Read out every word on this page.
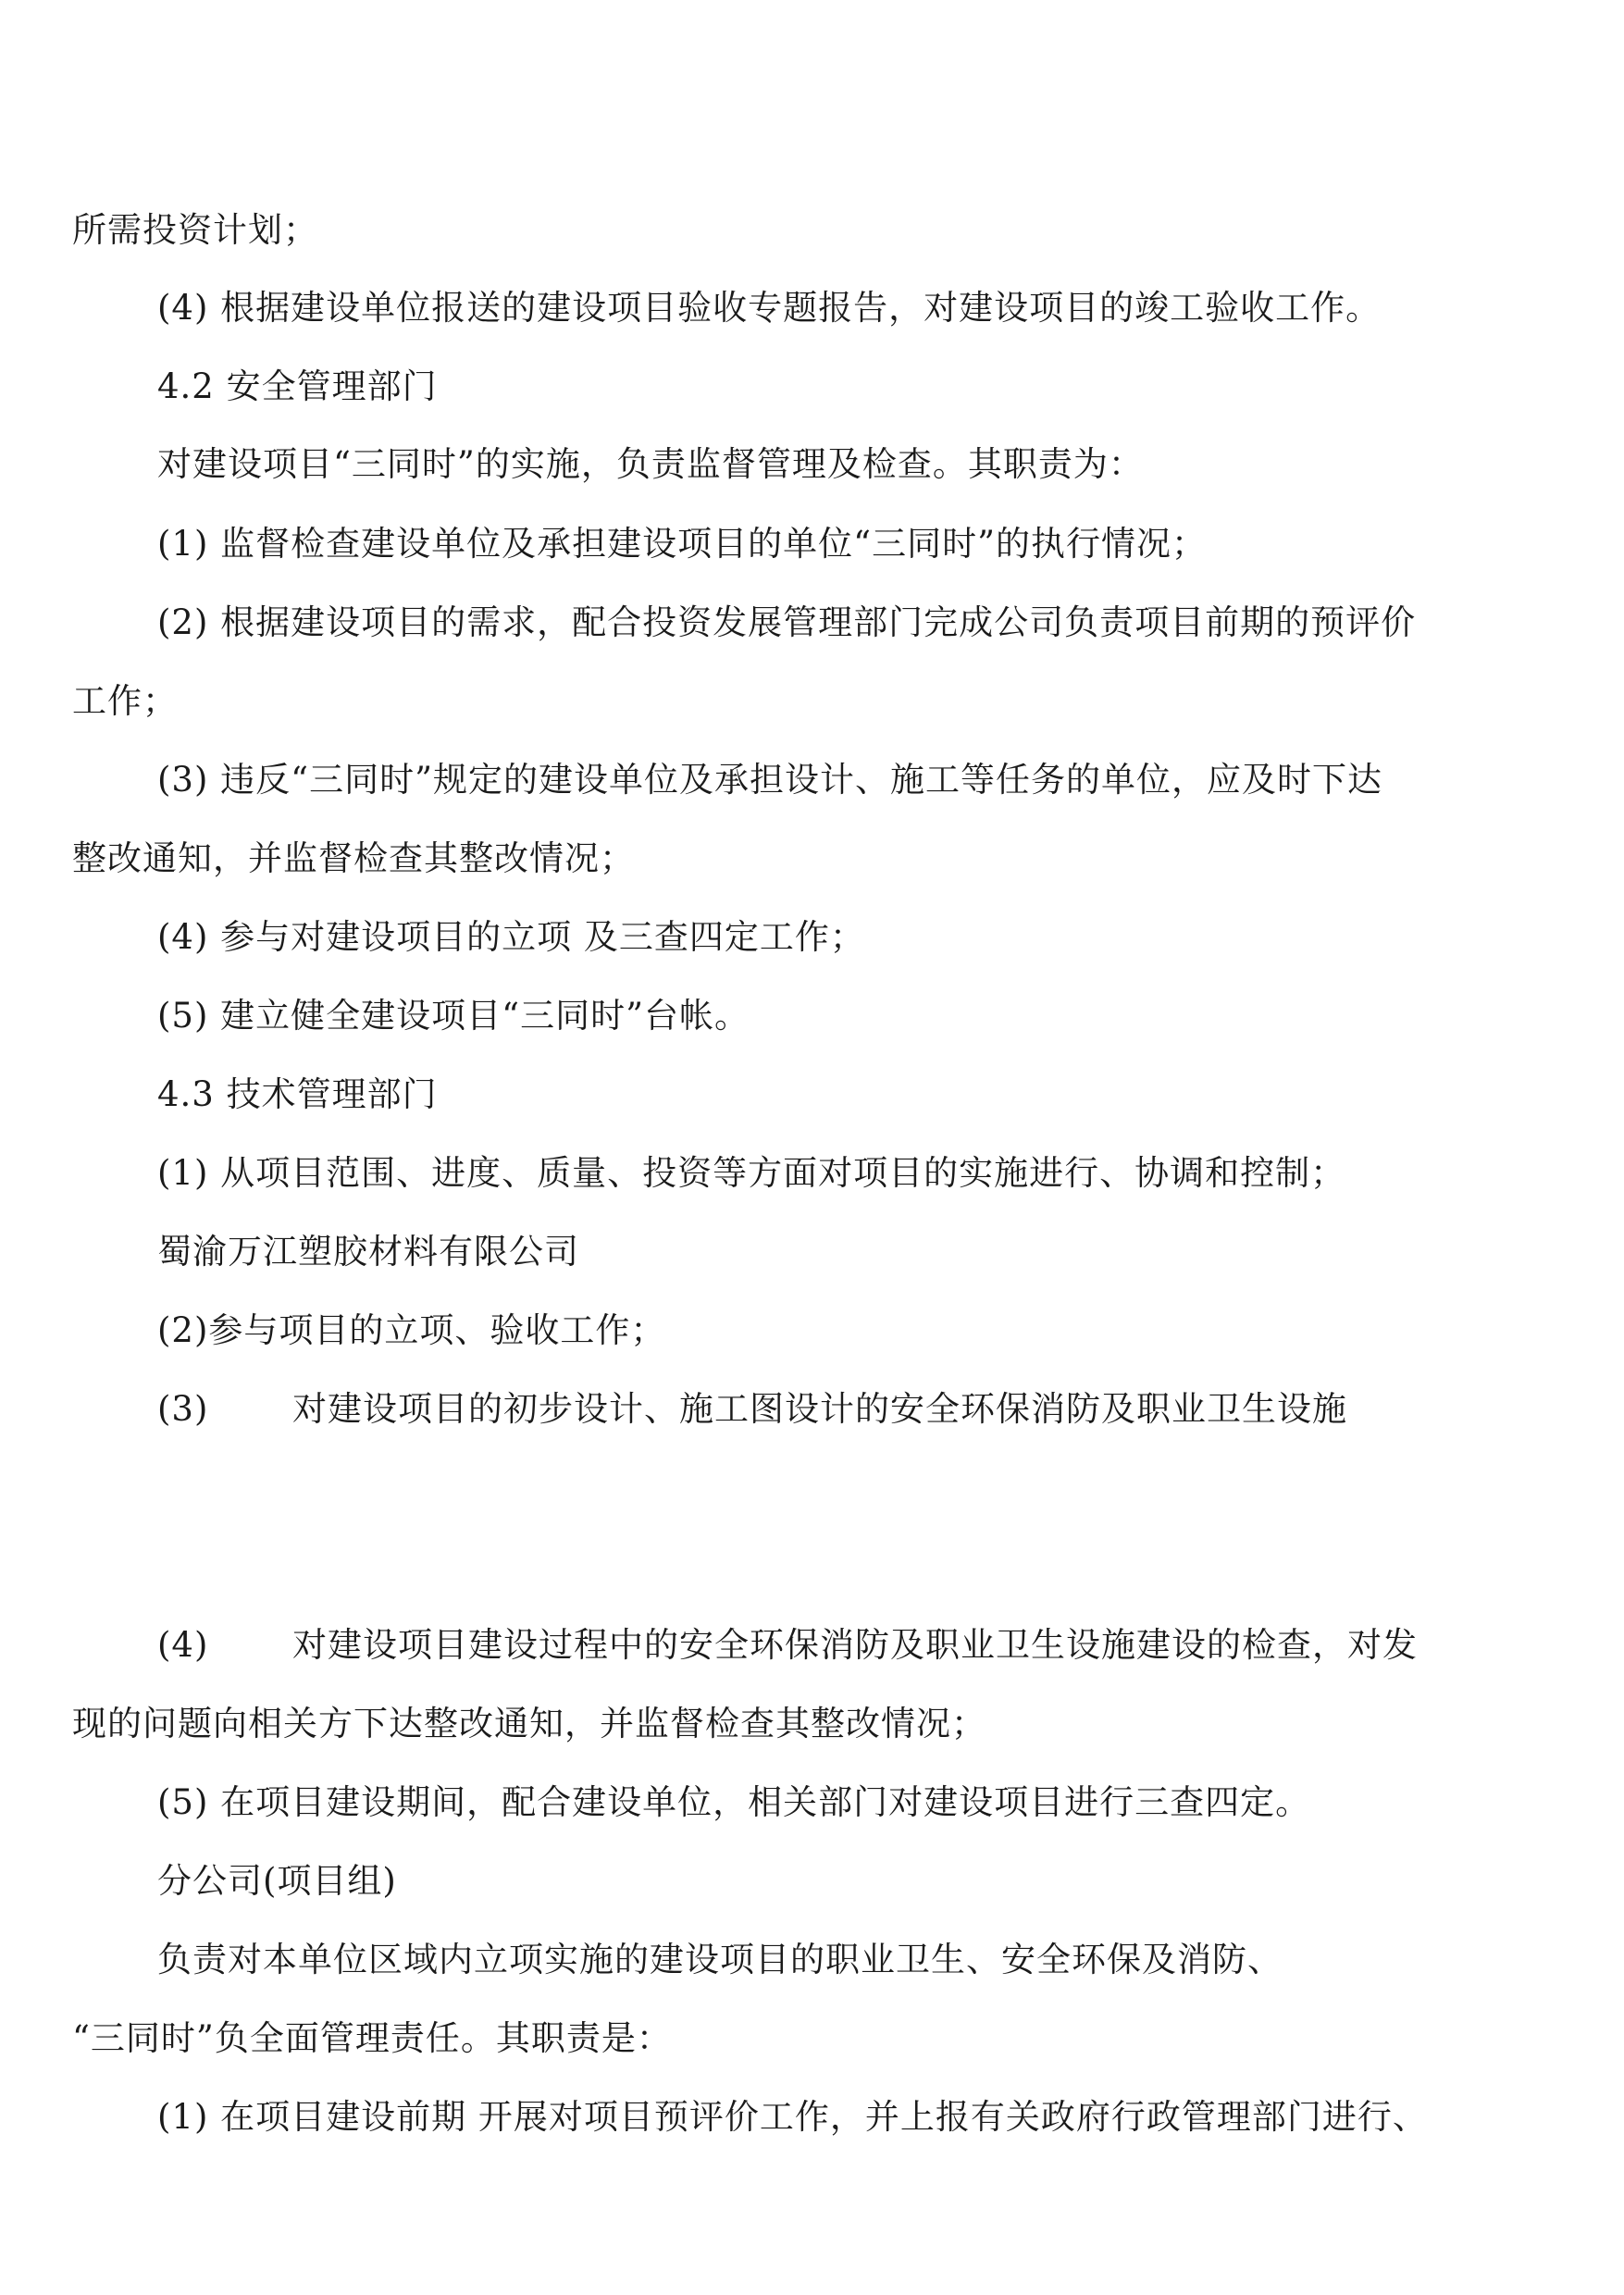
所需投资计划；
(4) 根据建设单位报送的建设项目验收专题报告，对建设项目的竣工验收工作。
4.2 安全管理部门
对建设项目“三同时”的实施，负责监督管理及检查。其职责为：
(1) 监督检查建设单位及承担建设项目的单位“三同时”的执行情况；
(2) 根据建设项目的需求，配合投资发展管理部门完成公司负责项目前期的预评价
工作；
(3) 违反“三同时”规定的建设单位及承担设计、施工等任务的单位，应及时下达
整改通知，并监督检查其整改情况；
(4) 参与对建设项目的立项 及三查四定工作；
(5) 建立健全建设项目“三同时”台帐。
4.3 技术管理部门
(1) 从项目范围、进度、质量、投资等方面对项目的实施进行、协调和控制；
蜀渝万江塑胶材料有限公司
(2)参与项目的立项、验收工作；
(3) 对建设项目的初步设计、施工图设计的安全环保消防及职业卫生设施
(4) 对建设项目建设过程中的安全环保消防及职业卫生设施建设的检查，对发
现的问题向相关方下达整改通知，并监督检查其整改情况；
(5) 在项目建设期间，配合建设单位，相关部门对建设项目进行三查四定。
分公司(项目组)
负责对本单位区域内立项实施的建设项目的职业卫生、安全环保及消防、
“三同时”负全面管理责任。其职责是：
(1) 在项目建设前期 开展对项目预评价工作，并上报有关政府行政管理部门进行、
